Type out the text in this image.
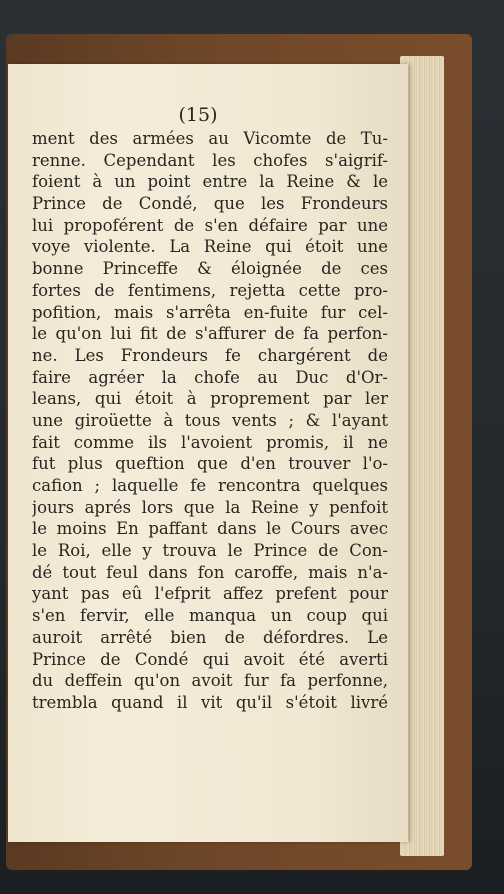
(15)
ment des armées au Vicomte de Tu-
renne. Cependant les chofes s'aigrif-
foient à un point entre la Reine & le
Prince de Condé, que les Frondeurs
lui propoférent de s'en défaire par une
voye violente. La Reine qui étoit une
bonne Princeffe & éloignée de ces
fortes de fentimens, rejetta cette pro-
pofition, mais s'arrêta en-fuite fur cel-
le qu'on lui fit de s'affurer de fa perfon-
ne. Les Frondeurs fe chargérent de
faire agréer la chofe au Duc d'Or-
leans, qui étoit à proprement par ler
une giroüette à tous vents ; & l'ayant
fait comme ils l'avoient promis, il ne
fut plus queftion que d'en trouver l'o-
cafion ; laquelle fe rencontra quelques
jours aprés lors que la Reine y penfoit
le moins En paffant dans le Cours avec
le Roi, elle y trouva le Prince de Con-
dé tout feul dans fon caroffe, mais n'a-
yant pas eû l'efprit affez prefent pour
s'en fervir, elle manqua un coup qui
auroit arrêté bien de défordres. Le
Prince de Condé qui avoit été averti
du deffein qu'on avoit fur fa perfonne,
trembla quand il vit qu'il s'étoit livré
